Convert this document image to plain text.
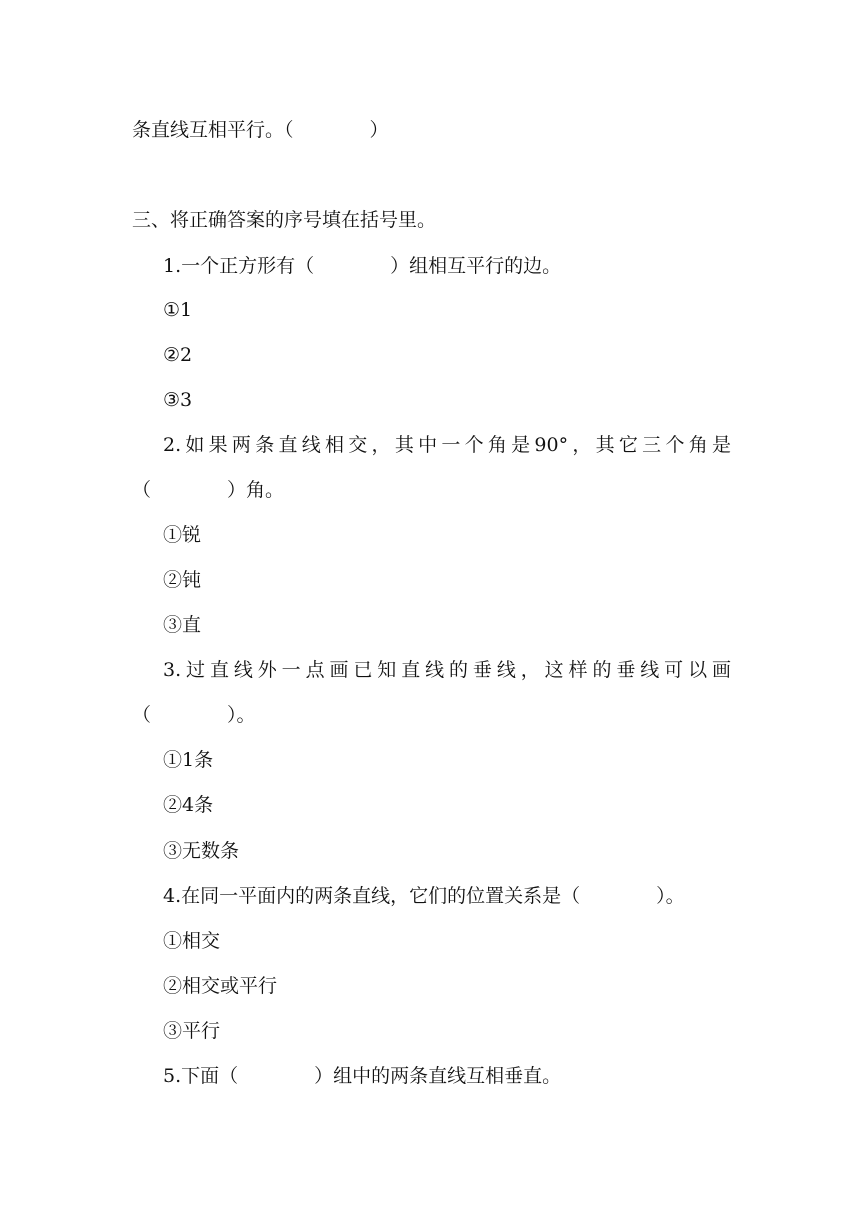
条直线互相平行。（　　　　）
三、将正确答案的序号填在括号里。
1.一个正方形有（　　　　）组相互平行的边。
①1
②2
③3
2.如果两条直线相交，其中一个角是90°，其它三个角是
（　　　　）角。
①锐
②钝
③直
3.过直线外一点画已知直线的垂线，这样的垂线可以画
（　　　　）。
①1条
②4条
③无数条
4.在同一平面内的两条直线，它们的位置关系是（　　　　）。
①相交
②相交或平行
③平行
5.下面（　　　　）组中的两条直线互相垂直。
